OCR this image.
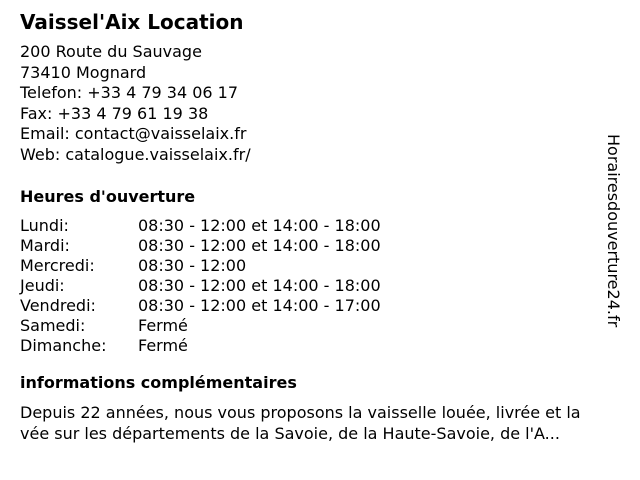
Vaissel'Aix Location
200 Route du Sauvage
73410 Mognard
Telefon: +33 4 79 34 06 17
Fax: +33 4 79 61 19 38
Email: contact@vaisselaix.fr
Web: catalogue.vaisselaix.fr/
Heures d'ouverture
Lundi:	08:30 - 12:00 et 14:00 - 18:00
Mardi:	08:30 - 12:00 et 14:00 - 18:00
Mercredi:	08:30 - 12:00
Jeudi:	08:30 - 12:00 et 14:00 - 18:00
Vendredi:	08:30 - 12:00 et 14:00 - 17:00
Samedi:	Fermé
Dimanche:	Fermé
informations complémentaires
Depuis 22 années, nous vous proposons la vaisselle louée, livrée et la
vée sur les départements de la Savoie, de la Haute-Savoie, de l'A...
Horairesdouverture24.fr
